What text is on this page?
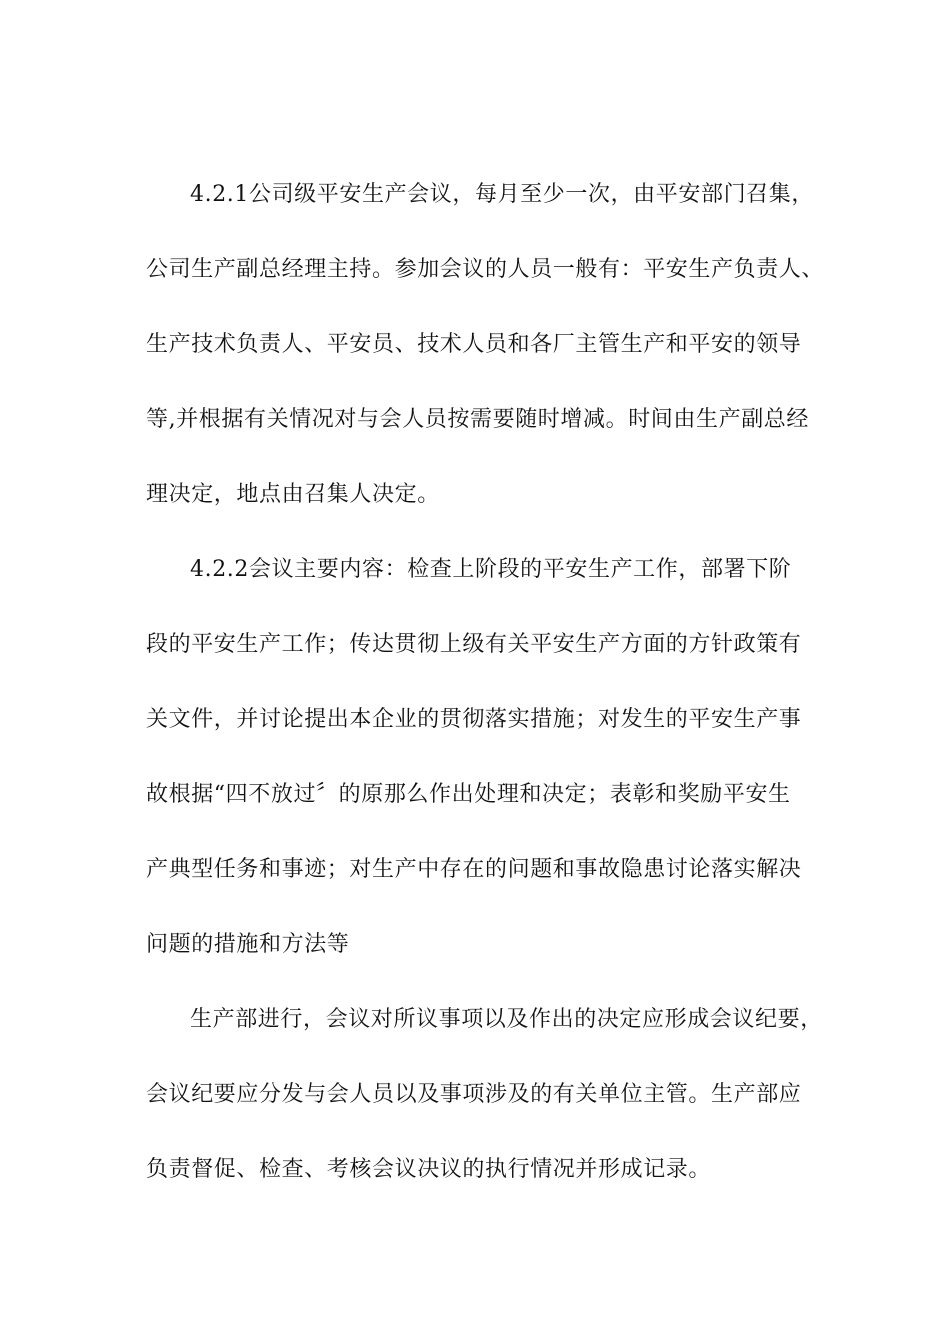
4.2.1公司级平安生产会议，每月至少一次，由平安部门召集，
公司生产副总经理主持。参加会议的人员一般有：平安生产负责人、
生产技术负责人、平安员、技术人员和各厂主管生产和平安的领导
等,并根据有关情况对与会人员按需要随时增减。时间由生产副总经
理决定，地点由召集人决定。
4.2.2会议主要内容：检查上阶段的平安生产工作，部署下阶
段的平安生产工作；传达贯彻上级有关平安生产方面的方针政策有
关文件，并讨论提出本企业的贯彻落实措施；对发生的平安生产事
故根据“四不放过〞的原那么作出处理和决定；表彰和奖励平安生
产典型任务和事迹；对生产中存在的问题和事故隐患讨论落实解决
问题的措施和方法等
生产部进行，会议对所议事项以及作出的决定应形成会议纪要，
会议纪要应分发与会人员以及事项涉及的有关单位主管。生产部应
负责督促、检查、考核会议决议的执行情况并形成记录。
